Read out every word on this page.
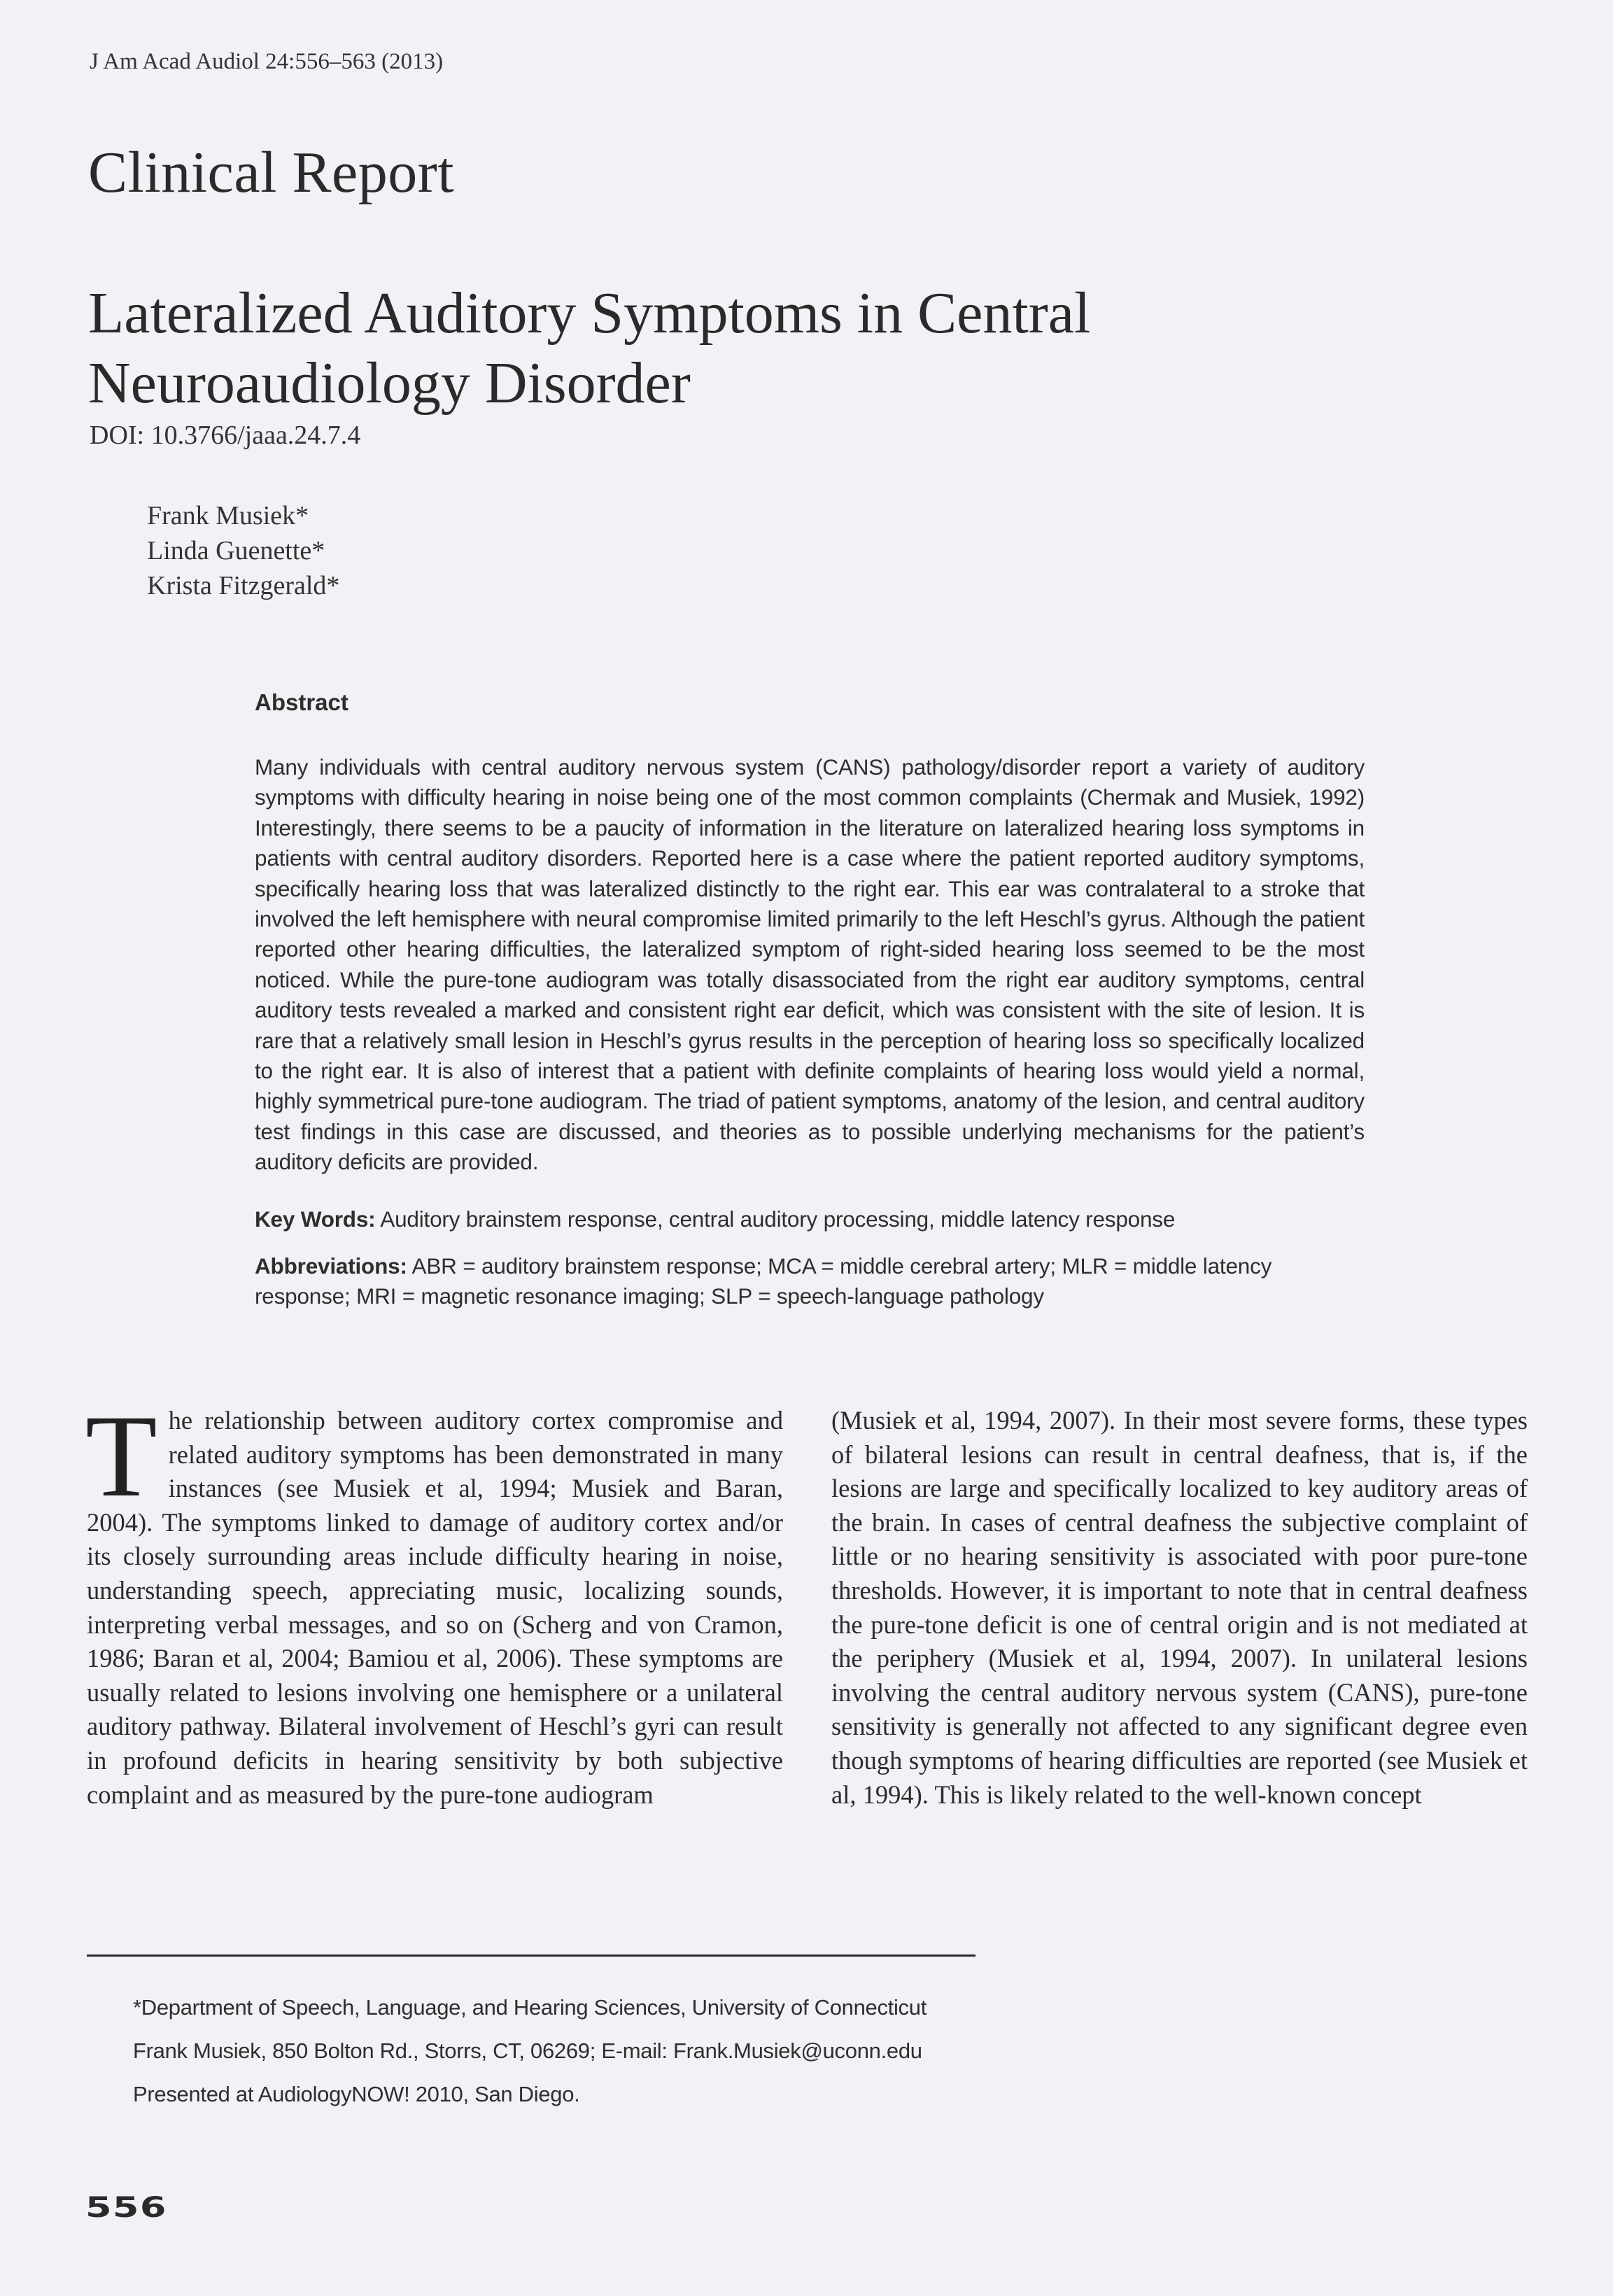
J Am Acad Audiol 24:556–563 (2013)
Clinical Report
Lateralized Auditory Symptoms in Central Neuroaudiology Disorder
DOI: 10.3766/jaaa.24.7.4
Frank Musiek*
Linda Guenette*
Krista Fitzgerald*
Abstract

Many individuals with central auditory nervous system (CANS) pathology/disorder report a variety of auditory symptoms with difficulty hearing in noise being one of the most common complaints (Chermak and Musiek, 1992) Interestingly, there seems to be a paucity of information in the literature on lateralized hearing loss symptoms in patients with central auditory disorders. Reported here is a case where the patient reported auditory symptoms, specifically hearing loss that was lateralized distinctly to the right ear. This ear was contralateral to a stroke that involved the left hemisphere with neural compromise limited primarily to the left Heschl’s gyrus. Although the patient reported other hearing difficulties, the lateralized symptom of right-sided hearing loss seemed to be the most noticed. While the pure-tone audiogram was totally disassociated from the right ear auditory symptoms, central auditory tests revealed a marked and consistent right ear deficit, which was consistent with the site of lesion. It is rare that a relatively small lesion in Heschl’s gyrus results in the perception of hearing loss so specifically localized to the right ear. It is also of interest that a patient with definite complaints of hearing loss would yield a normal, highly symmetrical pure-tone audiogram. The triad of patient symptoms, anatomy of the lesion, and central auditory test findings in this case are discussed, and theories as to possible underlying mechanisms for the patient’s auditory deficits are provided.

Key Words: Auditory brainstem response, central auditory processing, middle latency response

Abbreviations: ABR = auditory brainstem response; MCA = middle cerebral artery; MLR = middle latency response; MRI = magnetic resonance imaging; SLP = speech-language pathology

The relationship between auditory cortex compromise and related auditory symptoms has been demonstrated in many instances (see Musiek et al, 1994; Musiek and Baran, 2004). The symptoms linked to damage of auditory cortex and/or its closely surrounding areas include difficulty hearing in noise, understanding speech, appreciating music, localizing sounds, interpreting verbal messages, and so on (Scherg and von Cramon, 1986; Baran et al, 2004; Bamiou et al, 2006). These symptoms are usually related to lesions involving one hemisphere or a unilateral auditory pathway. Bilateral involvement of Heschl’s gyri can result in profound deficits in hearing sensitivity by both subjective complaint and as measured by the pure-tone audiogram
(Musiek et al, 1994, 2007). In their most severe forms, these types of bilateral lesions can result in central deafness, that is, if the lesions are large and specifically localized to key auditory areas of the brain. In cases of central deafness the subjective complaint of little or no hearing sensitivity is associated with poor pure-tone thresholds. However, it is important to note that in central deafness the pure-tone deficit is one of central origin and is not mediated at the periphery (Musiek et al, 1994, 2007). In unilateral lesions involving the central auditory nervous system (CANS), pure-tone sensitivity is generally not affected to any significant degree even though symptoms of hearing difficulties are reported (see Musiek et al, 1994). This is likely related to the well-known concept
*Department of Speech, Language, and Hearing Sciences, University of Connecticut
Frank Musiek, 850 Bolton Rd., Storrs, CT, 06269; E-mail: Frank.Musiek@uconn.edu
Presented at AudiologyNOW! 2010, San Diego.
556
